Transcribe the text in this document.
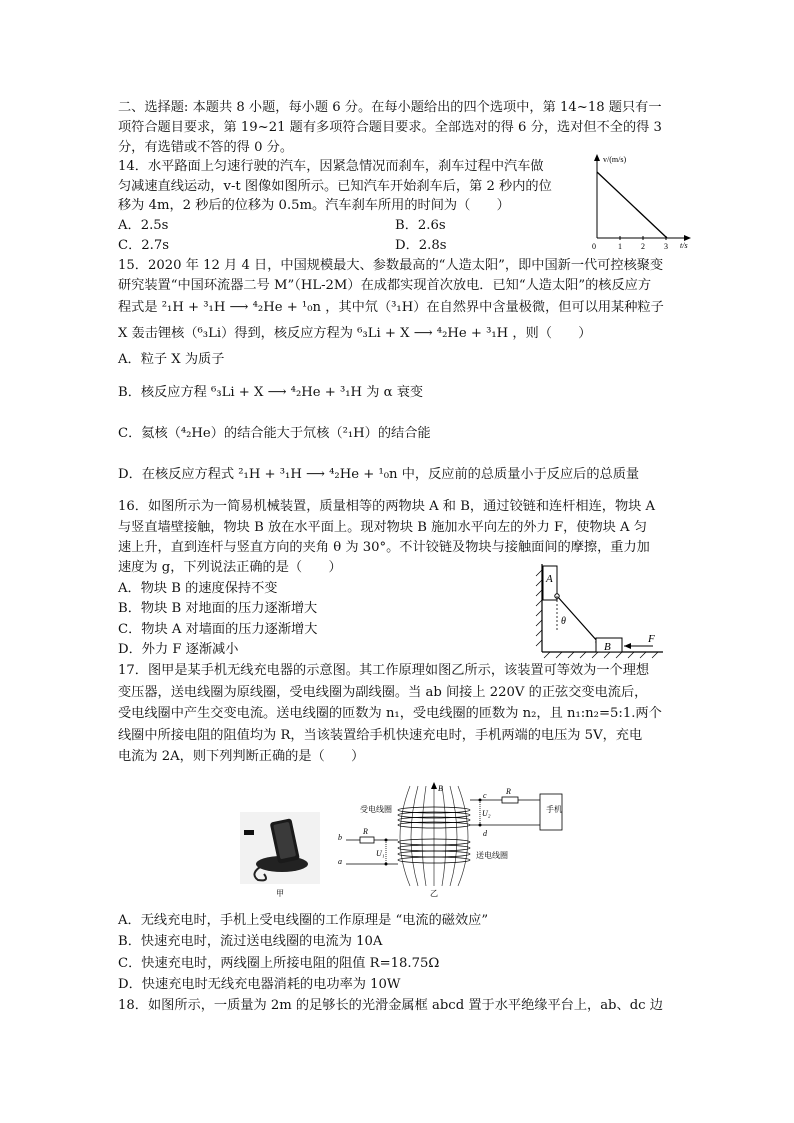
二、选择题: 本题共 8 小题，每小题 6 分。在每小题给出的四个选项中，第 14~18 题只有一
项符合题目要求，第 19~21 题有多项符合题目要求。全部选对的得 6 分，选对但不全的得 3
分，有选错或不答的得 0 分。
14．水平路面上匀速行驶的汽车，因紧急情况而刹车，刹车过程中汽车做
匀减速直线运动，v-t 图像如图所示。已知汽车开始刹车后，第 2 秒内的位
移为 4m，2 秒后的位移为 0.5m。汽车刹车所用的时间为（　　）
A．2.5s	B．2.6s
C．2.7s	D．2.8s
v/(m/s)
t/s
0	1 2 3
15．2020 年 12 月 4 日，中国规模最大、参数最高的“人造太阳”，即中国新一代可控核聚变
研究装置“中国环流器二号 M”（HL-2M）在成都实现首次放电．已知“人造太阳”的核反应方
程式是 ²₁H + ³₁H ⟶ ⁴₂He + ¹₀n ，其中氘（³₁H）在自然界中含量极微，但可以用某种粒子
X 轰击锂核（⁶₃Li）得到，核反应方程为 ⁶₃Li + X ⟶ ⁴₂He + ³₁H ，则（　　）
A．粒子 X 为质子
B．核反应方程 ⁶₃Li + X ⟶ ⁴₂He + ³₁H 为 α 衰变
C．氦核（⁴₂He）的结合能大于氘核（²₁H）的结合能
D．在核反应方程式 ²₁H + ³₁H ⟶ ⁴₂He + ¹₀n 中，反应前的总质量小于反应后的总质量
16．如图所示为一简易机械装置，质量相等的两物块 A 和 B，通过铰链和连杆相连，物块 A
与竖直墙壁接触，物块 B 放在水平面上。现对物块 B 施加水平向左的外力 F，使物块 A 匀
速上升，直到连杆与竖直方向的夹角 θ 为 30°。不计铰链及物块与接触面间的摩擦，重力加
速度为 g，下列说法正确的是（　　）
A．物块 B 的速度保持不变
B．物块 B 对地面的压力逐渐增大
C．物块 A 对墙面的压力逐渐增大
D．外力 F 逐渐减小
A
θ
B
F
17．图甲是某手机无线充电器的示意图。其工作原理如图乙所示，该装置可等效为一个理想
变压器，送电线圈为原线圈，受电线圈为副线圈。当 ab 间接上 220V 的正弦交变电流后，
受电线圈中产生交变电流。送电线圈的匝数为 n₁，受电线圈的匝数为 n₂，且 n₁:n₂=5:1.两个
线圈中所接电阻的阻值均为 R，当该装置给手机快速充电时，手机两端的电压为 5V，充电
电流为 2A，则下列判断正确的是（　　）
甲
B
受电线圈
送电线圈
R
c
d
U₂	手机
b
a
R
U₁
乙
A．无线充电时，手机上受电线圈的工作原理是 “电流的磁效应”
B．快速充电时，流过送电线圈的电流为 10A
C．快速充电时，两线圈上所接电阻的阻值 R=18.75Ω
D．快速充电时无线充电器消耗的电功率为 10W
18．如图所示，一质量为 2m 的足够长的光滑金属框 abcd 置于水平绝缘平台上，ab、dc 边
